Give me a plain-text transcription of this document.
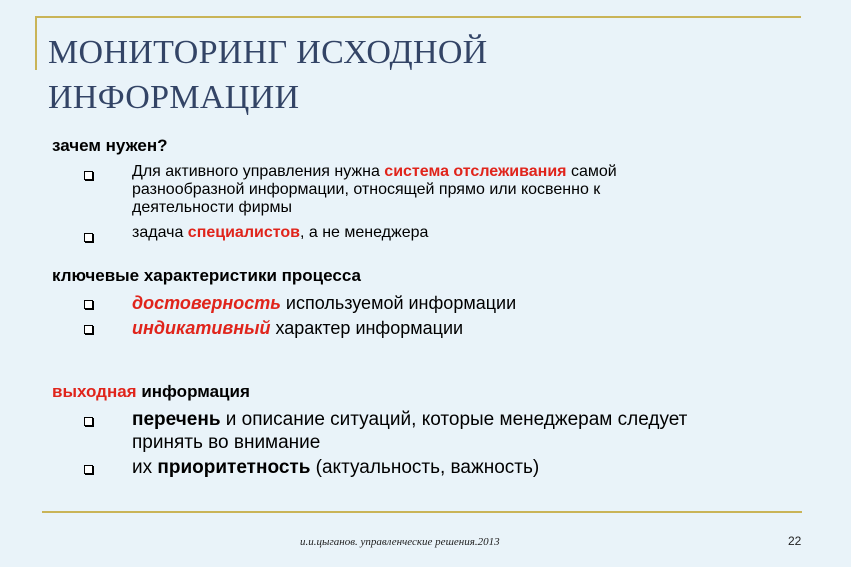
МОНИТОРИНГ ИСХОДНОЙ
ИНФОРМАЦИИ
зачем нужен?
Для активного управления нужна система отслеживания самой
разнообразной информации, относящей прямо или косвенно к
деятельности фирмы
задача специалистов, а не менеджера
ключевые характеристики процесса
достоверность используемой информации
индикативный характер информации
выходная информация
перечень и описание ситуаций, которые менеджерам следует
принять во внимание
их приоритетность (актуальность, важность)
и.и.цыганов. управленческие решения.2013	22
